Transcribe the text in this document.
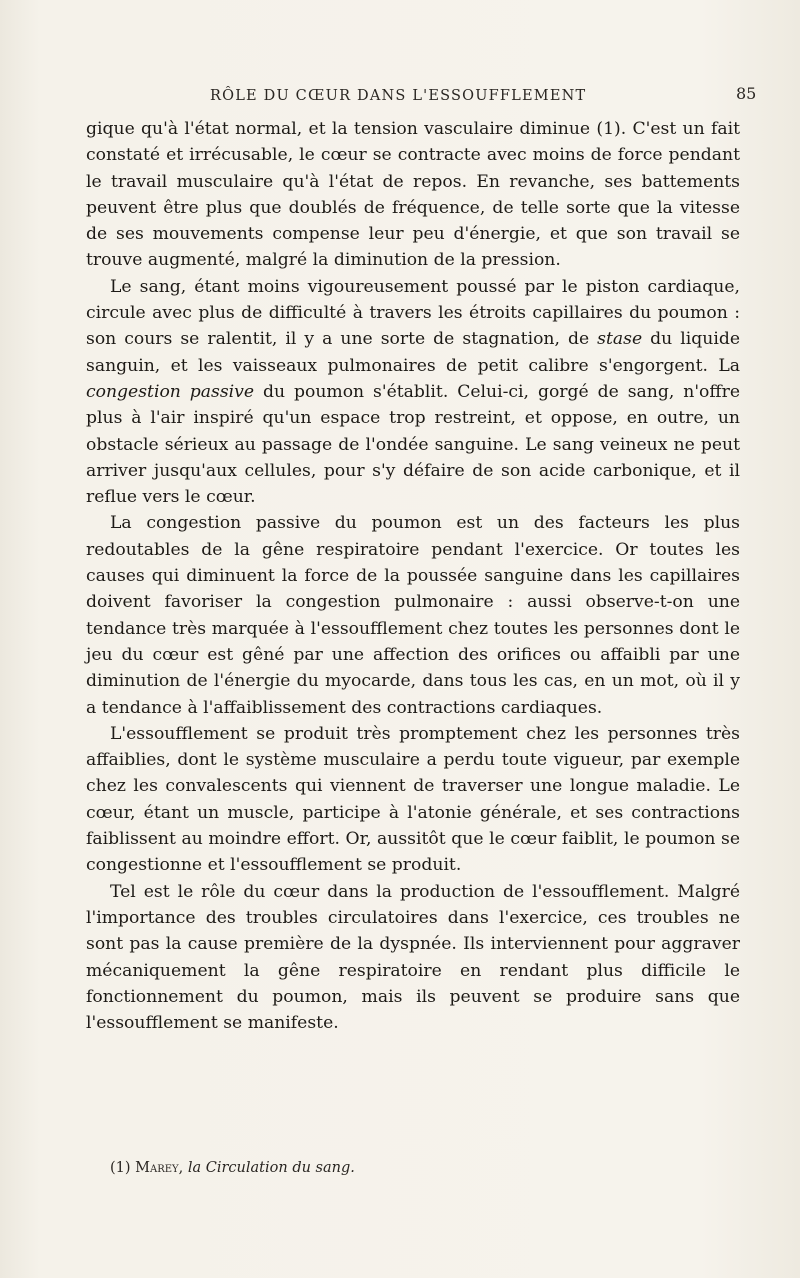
RÔLE DU CŒUR DANS L'ESSOUFFLEMENT	85

gique qu'à l'état normal, et la tension vasculaire diminue (1). C'est un fait constaté et irrécusable, le cœur se contracte avec moins de force pendant le travail musculaire qu'à l'état de repos. En revanche, ses battements peuvent être plus que doublés de fréquence, de telle sorte que la vitesse de ses mouvements compense leur peu d'énergie, et que son travail se trouve augmenté, malgré la diminution de la pression.

Le sang, étant moins vigoureusement poussé par le piston cardiaque, circule avec plus de difficulté à travers les étroits capillaires du poumon : son cours se ralentit, il y a une sorte de stagnation, de stase du liquide sanguin, et les vaisseaux pulmonaires de petit calibre s'engorgent. La congestion passive du poumon s'établit. Celui-ci, gorgé de sang, n'offre plus à l'air inspiré qu'un espace trop restreint, et oppose, en outre, un obstacle sérieux au passage de l'ondée sanguine. Le sang veineux ne peut arriver jusqu'aux cellules, pour s'y défaire de son acide carbonique, et il reflue vers le cœur.

La congestion passive du poumon est un des facteurs les plus redoutables de la gêne respiratoire pendant l'exercice. Or toutes les causes qui diminuent la force de la poussée sanguine dans les capillaires doivent favoriser la congestion pulmonaire : aussi observe-t-on une tendance très marquée à l'essoufflement chez toutes les personnes dont le jeu du cœur est gêné par une affection des orifices ou affaibli par une diminution de l'énergie du myocarde, dans tous les cas, en un mot, où il y a tendance à l'affaiblissement des contractions cardiaques.

L'essoufflement se produit très promptement chez les personnes très affaiblies, dont le système musculaire a perdu toute vigueur, par exemple chez les convalescents qui viennent de traverser une longue maladie. Le cœur, étant un muscle, participe à l'atonie générale, et ses contractions faiblissent au moindre effort. Or, aussitôt que le cœur faiblit, le poumon se congestionne et l'essoufflement se produit.

Tel est le rôle du cœur dans la production de l'essoufflement. Malgré l'importance des troubles circulatoires dans l'exercice, ces troubles ne sont pas la cause première de la dyspnée. Ils interviennent pour aggraver mécaniquement la gêne respiratoire en rendant plus difficile le fonctionnement du poumon, mais ils peuvent se produire sans que l'essoufflement se manifeste.

(1) Marey, la Circulation du sang.
